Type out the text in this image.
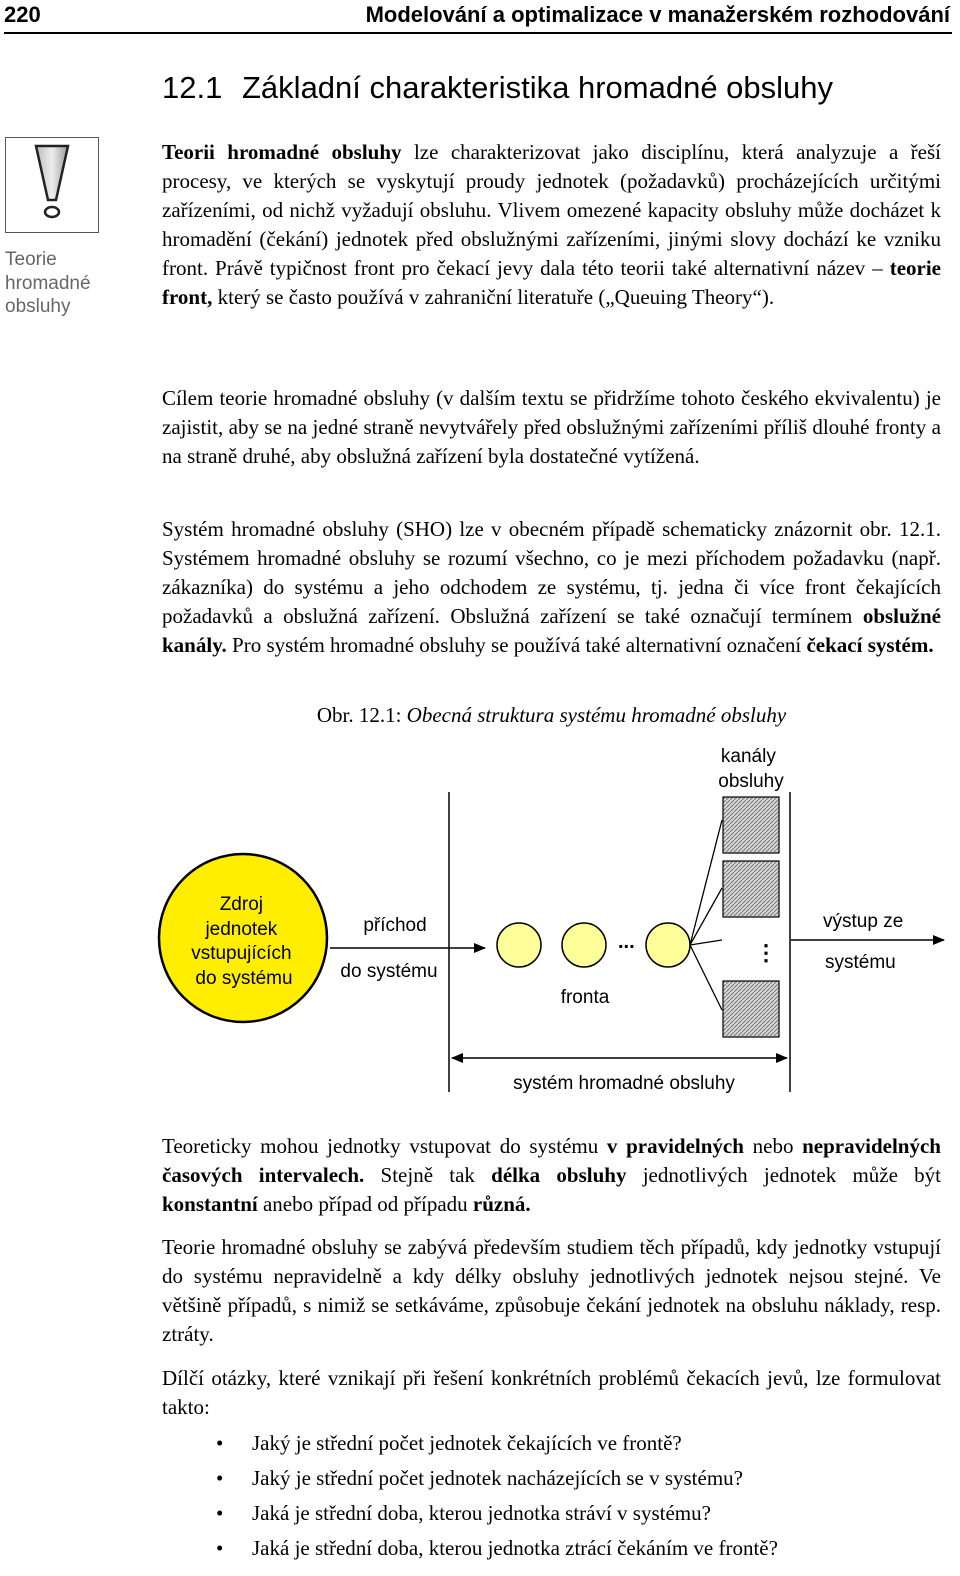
220	Modelování a optimalizace v manažerském rozhodování
12.1 Základní charakteristika hromadné obsluhy
Teorie
hromadné
obsluhy

Teorii hromadné obsluhy lze charakterizovat jako disciplínu, která analyzuje a řeší procesy, ve kterých se vyskytují proudy jednotek (požadavků) procházejících určitými zařízeními, od nichž vyžadují obsluhu. Vlivem omezené kapacity obsluhy může docházet k hromadění (čekání) jednotek před obslužnými zařízeními, jinými slovy dochází ke vzniku front. Právě typičnost front pro čekací jevy dala této teorii také alternativní název – teorie front, který se často používá v zahraniční literatuře („Queuing Theory“).

Cílem teorie hromadné obsluhy (v dalším textu se přidržíme tohoto českého ekvivalentu) je zajistit, aby se na jedné straně nevytvářely před obslužnými zařízeními příliš dlouhé fronty a na straně druhé, aby obslužná zařízení byla dostatečné vytížená.

Systém hromadné obsluhy (SHO) lze v obecném případě schematicky znázornit obr. 12.1. Systémem hromadné obsluhy se rozumí všechno, co je mezi příchodem požadavku (např. zákazníka) do systému a jeho odchodem ze systému, tj. jedna či více front čekajících požadavků a obslužná zařízení. Obslužná zařízení se také označují termínem obslužné kanály. Pro systém hromadné obsluhy se používá také alternativní označení čekací systém.

Obr. 12.1: Obecná struktura systému hromadné obsluhy
Zdroj jednotek vstupujících do systému
příchod
do systému
...
fronta
kanály obsluhy
⋮
výstup ze
systému
systém hromadné obsluhy

Teoreticky mohou jednotky vstupovat do systému v pravidelných nebo nepravidelných časových intervalech. Stejně tak délka obsluhy jednotlivých jednotek může být konstantní anebo případ od případu různá.

Teorie hromadné obsluhy se zabývá především studiem těch případů, kdy jednotky vstupují do systému nepravidelně a kdy délky obsluhy jednotlivých jednotek nejsou stejné. Ve většině případů, s nimiž se setkáváme, způsobuje čekání jednotek na obsluhu náklady, resp. ztráty.

Dílčí otázky, které vznikají při řešení konkrétních problémů čekacích jevů, lze formulovat takto:

• Jaký je střední počet jednotek čekajících ve frontě?
• Jaký je střední počet jednotek nacházejících se v systému?
• Jaká je střední doba, kterou jednotka stráví v systému?
• Jaká je střední doba, kterou jednotka ztrácí čekáním ve frontě?
